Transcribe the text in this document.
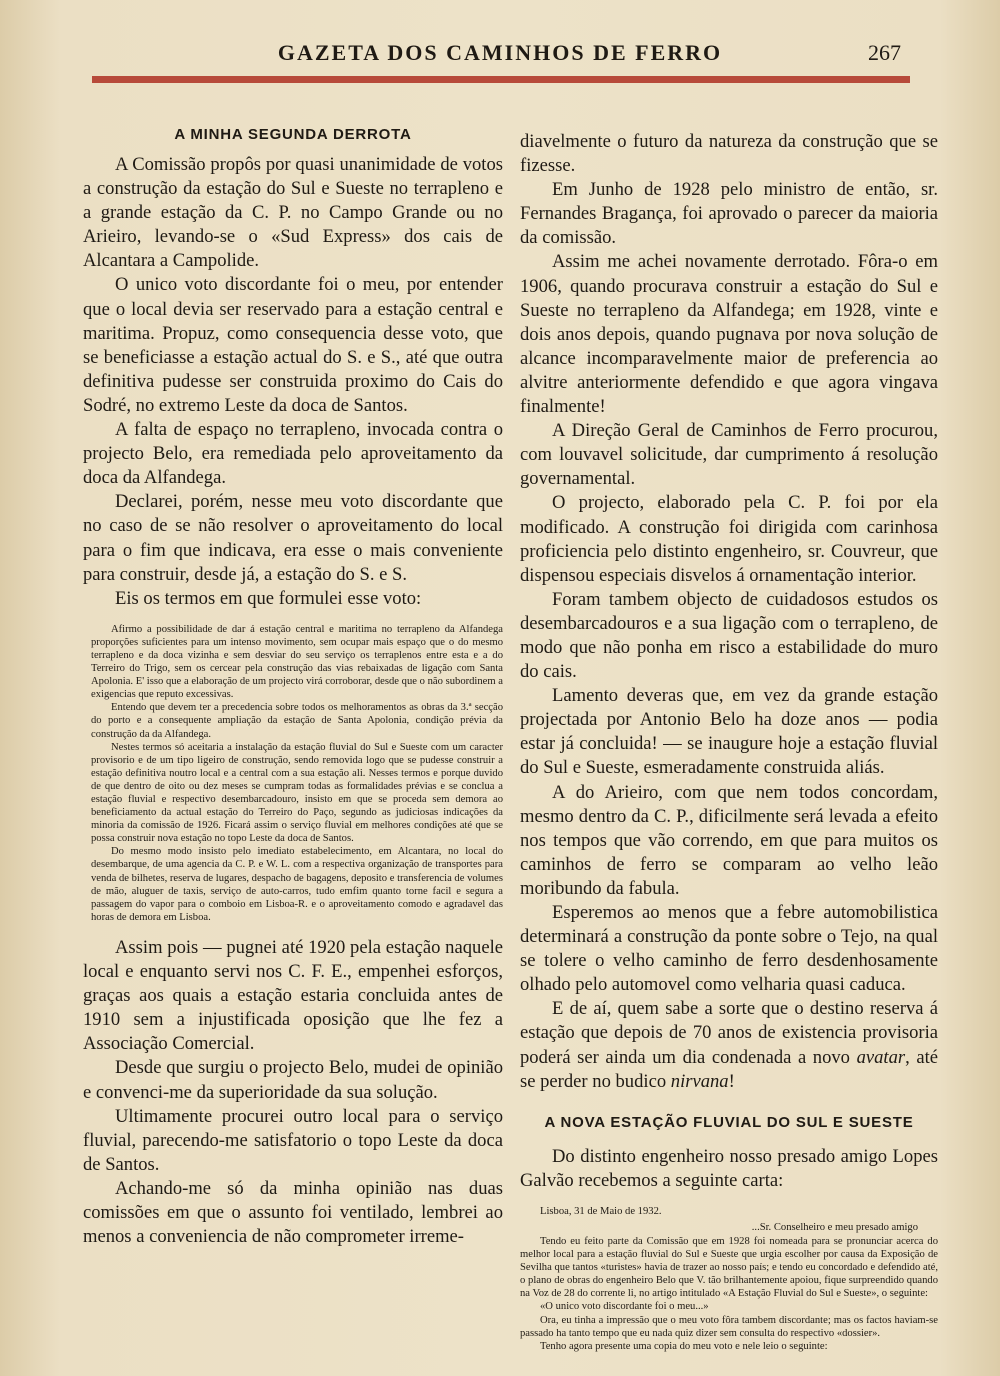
GAZETA DOS CAMINHOS DE FERRO	267
A MINHA SEGUNDA DERROTA

A Comissão propôs por quasi unanimidade de votos a construção da estação do Sul e Sueste no terrapleno e a grande estação da C. P. no Campo Grande ou no Arieiro, levando-se o «Sud Express» dos cais de Alcantara a Campolide.

O unico voto discordante foi o meu, por entender que o local devia ser reservado para a estação central e maritima. Propuz, como consequencia desse voto, que se beneficiasse a estação actual do S. e S., até que outra definitiva pudesse ser construida proximo do Cais do Sodré, no extremo Leste da doca de Santos.

A falta de espaço no terrapleno, invocada contra o projecto Belo, era remediada pelo aproveitamento da doca da Alfandega.

Declarei, porém, nesse meu voto discordante que no caso de se não resolver o aproveitamento do local para o fim que indicava, era esse o mais conveniente para construir, desde já, a estação do S. e S.

Eis os termos em que formulei esse voto:

Afirmo a possibilidade de dar á estação central e maritima no terrapleno da Alfandega proporções suficientes para um intenso movimento, sem ocupar mais espaço que o do mesmo terrapleno e da doca vizinha e sem desviar do seu serviço os terraplenos entre esta e a do Terreiro do Trigo, sem os cercear pela construção das vias rebaixadas de ligação com Santa Apolonia. E' isso que a elaboração de um projecto virá corroborar, desde que o não subordinem a exigencias que reputo excessivas.

Entendo que devem ter a precedencia sobre todos os melhoramentos as obras da 3.ª secção do porto e a consequente ampliação da estação de Santa Apolonia, condição prévia da construção da da Alfandega.

Nestes termos só aceitaria a instalação da estação fluvial do Sul e Sueste com um caracter provisorio e de um tipo ligeiro de construção, sendo removida logo que se pudesse construir a estação definitiva noutro local e a central com a sua estação ali. Nesses termos e porque duvido de que dentro de oito ou dez meses se cumpram todas as formalidades prévias e se conclua a estação fluvial e respectivo desembarcadouro, insisto em que se proceda sem demora ao beneficiamento da actual estação do Terreiro do Paço, segundo as judiciosas indicações da minoria da comissão de 1926. Ficará assim o serviço fluvial em melhores condições até que se possa construir nova estação no topo Leste da doca de Santos.

Do mesmo modo insisto pelo imediato estabelecimento, em Alcantara, no local do desembarque, de uma agencia da C. P. e W. L. com a respectiva organização de transportes para venda de bilhetes, reserva de lugares, despacho de bagagens, deposito e transferencia de volumes de mão, aluguer de taxis, serviço de auto-carros, tudo emfim quanto torne facil e segura a passagem do vapor para o comboio em Lisboa-R. e o aproveitamento comodo e agradavel das horas de demora em Lisboa.

Assim pois — pugnei até 1920 pela estação naquele local e enquanto servi nos C. F. E., empenhei esforços, graças aos quais a estação estaria concluida antes de 1910 sem a injustificada oposição que lhe fez a Associação Comercial.

Desde que surgiu o projecto Belo, mudei de opinião e convenci-me da superioridade da sua solução.

Ultimamente procurei outro local para o serviço fluvial, parecendo-me satisfatorio o topo Leste da doca de Santos.

Achando-me só da minha opinião nas duas comissões em que o assunto foi ventilado, lembrei ao menos a conveniencia de não comprometer irreme-

diavelmente o futuro da natureza da construção que se fizesse.

Em Junho de 1928 pelo ministro de então, sr. Fernandes Bragança, foi aprovado o parecer da maioria da comissão.

Assim me achei novamente derrotado. Fôra-o em 1906, quando procurava construir a estação do Sul e Sueste no terrapleno da Alfandega; em 1928, vinte e dois anos depois, quando pugnava por nova solução de alcance incomparavelmente maior de preferencia ao alvitre anteriormente defendido e que agora vingava finalmente!

A Direção Geral de Caminhos de Ferro procurou, com louvavel solicitude, dar cumprimento á resolução governamental.

O projecto, elaborado pela C. P. foi por ela modificado. A construção foi dirigida com carinhosa proficiencia pelo distinto engenheiro, sr. Couvreur, que dispensou especiais disvelos á ornamentação interior.

Foram tambem objecto de cuidadosos estudos os desembarcadouros e a sua ligação com o terrapleno, de modo que não ponha em risco a estabilidade do muro do cais.

Lamento deveras que, em vez da grande estação projectada por Antonio Belo ha doze anos — podia estar já concluida! — se inaugure hoje a estação fluvial do Sul e Sueste, esmeradamente construida aliás.

A do Arieiro, com que nem todos concordam, mesmo dentro da C. P., dificilmente será levada a efeito nos tempos que vão correndo, em que para muitos os caminhos de ferro se comparam ao velho leão moribundo da fabula.

Esperemos ao menos que a febre automobilistica determinará a construção da ponte sobre o Tejo, na qual se tolere o velho caminho de ferro desdenhosamente olhado pelo automovel como velharia quasi caduca.

E de aí, quem sabe a sorte que o destino reserva á estação que depois de 70 anos de existencia provisoria poderá ser ainda um dia condenada a novo avatar, até se perder no budico nirvana!

A NOVA ESTAÇÃO FLUVIAL DO SUL E SUESTE

Do distinto engenheiro nosso presado amigo Lopes Galvão recebemos a seguinte carta:

Lisboa, 31 de Maio de 1932.
...Sr. Conselheiro e meu presado amigo

Tendo eu feito parte da Comissão que em 1928 foi nomeada para se pronunciar acerca do melhor local para a estação fluvial do Sul e Sueste que urgia escolher por causa da Exposição de Sevilha que tantos «turistes» havia de trazer ao nosso país; e tendo eu concordado e defendido até, o plano de obras do engenheiro Belo que V. tão brilhantemente apoiou, fique surpreendido quando na Voz de 28 do corrente li, no artigo intitulado «A Estação Fluvial do Sul e Sueste», o seguinte:

«O unico voto discordante foi o meu...»

Ora, eu tinha a impressão que o meu voto fôra tambem discordante; mas os factos haviam-se passado ha tanto tempo que eu nada quiz dizer sem consulta do respectivo «dossier».

Tenho agora presente uma copia do meu voto e nele leio o seguinte:
